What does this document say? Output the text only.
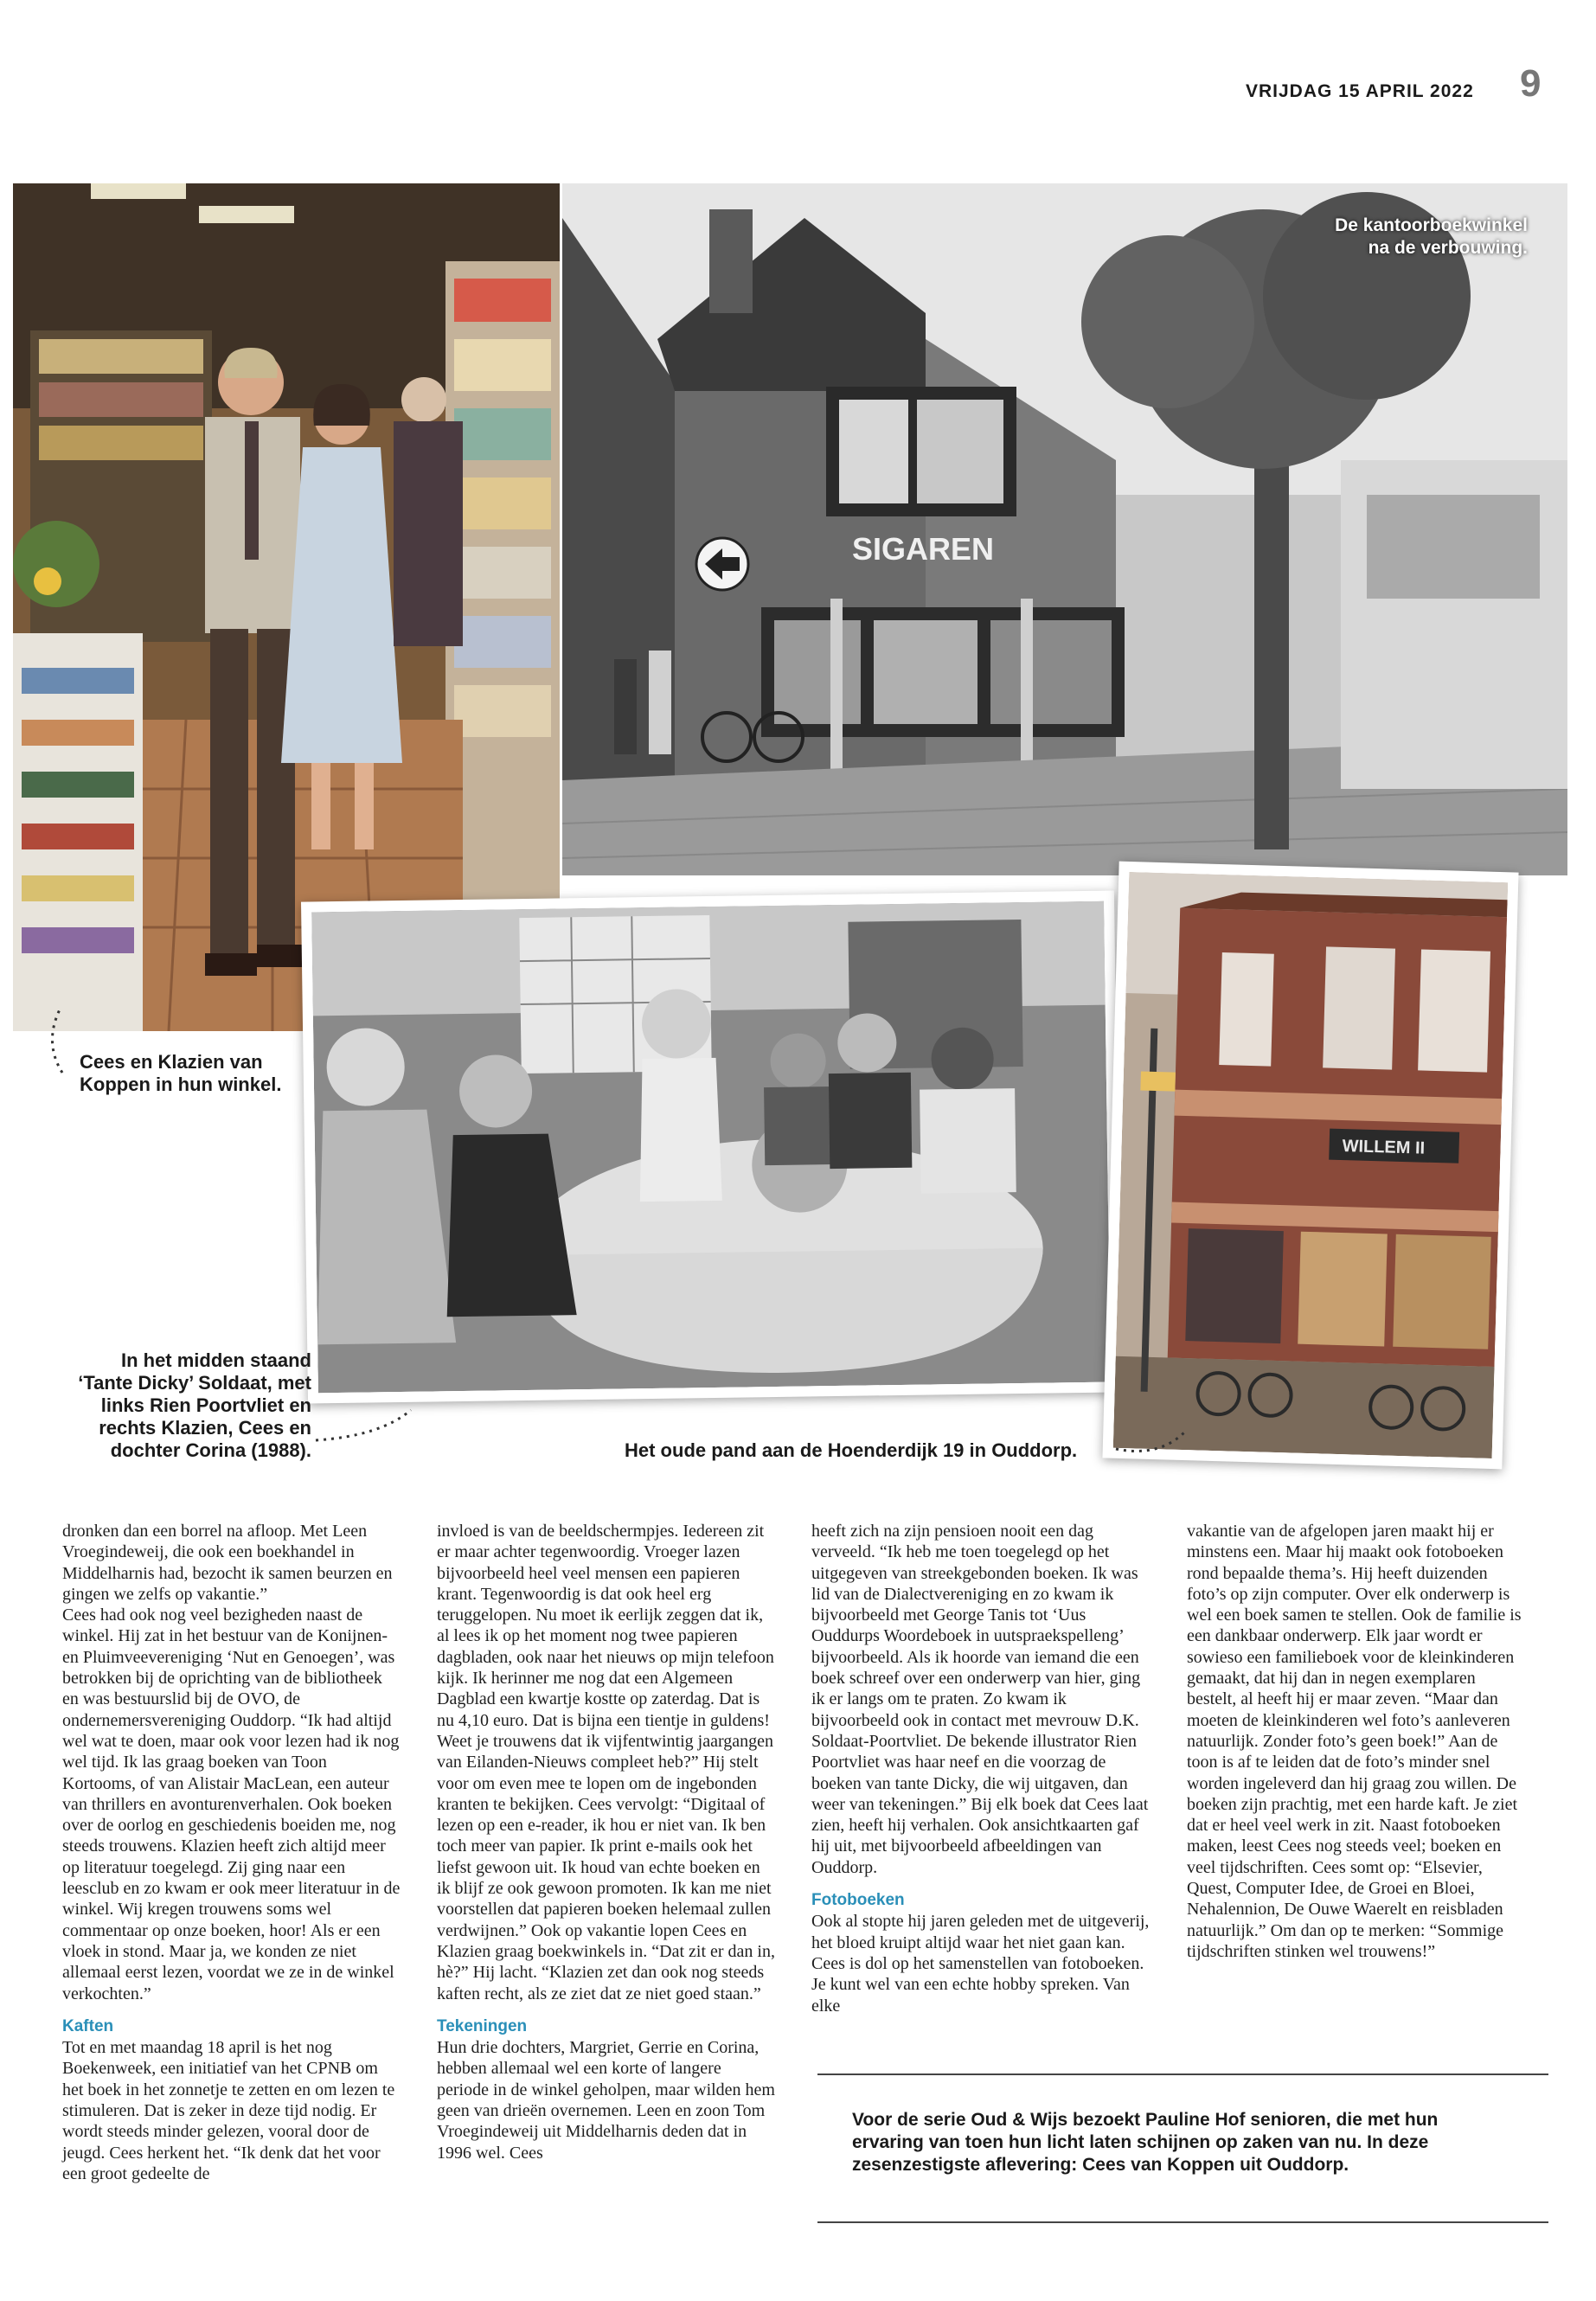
VRIJDAG 15 APRIL 2022 9
SIGAREN
De kantoorboekwinkel
na de verbouwing.
WILLEM II
Cees en Klazien van
Koppen in hun winkel.
In het midden staand
‘Tante Dicky’ Soldaat, met
links Rien Poortvliet en
rechts Klazien, Cees en
dochter Corina (1988).	Het oude pand aan de Hoenderdijk 19 in Ouddorp.

dronken dan een borrel na afloop. Met Leen Vroegindeweij, die ook een boekhandel in Middelharnis had, bezocht ik samen beurzen en gingen we zelfs op vakantie.”

Cees had ook nog veel bezigheden naast de winkel. Hij zat in het bestuur van de Konijnen- en Pluimveevereniging ‘Nut en Genoegen’, was betrokken bij de oprichting van de bibliotheek en was bestuurslid bij de OVO, de ondernemersvereniging Ouddorp. “Ik had altijd wel wat te doen, maar ook voor lezen had ik nog wel tijd. Ik las graag boeken van Toon Kortooms, of van Alistair MacLean, een auteur van thrillers en avonturenverhalen. Ook boeken over de oorlog en geschiedenis boeiden me, nog steeds trouwens. Klazien heeft zich altijd meer op literatuur toegelegd. Zij ging naar een leesclub en zo kwam er ook meer literatuur in de winkel. Wij kregen trouwens soms wel commentaar op onze boeken, hoor! Als er een vloek in stond. Maar ja, we konden ze niet allemaal eerst lezen, voordat we ze in de winkel verkochten.”

Kaften

Tot en met maandag 18 april is het nog Boekenweek, een initiatief van het CPNB om het boek in het zonnetje te zetten en om lezen te stimuleren. Dat is zeker in deze tijd nodig. Er wordt steeds minder gelezen, vooral door de jeugd. Cees herkent het. “Ik denk dat het voor een groot gedeelte de

invloed is van de beeldschermpjes. Iedereen zit er maar achter tegenwoordig. Vroeger lazen bijvoorbeeld heel veel mensen een papieren krant. Tegenwoordig is dat ook heel erg teruggelopen. Nu moet ik eerlijk zeggen dat ik, al lees ik op het moment nog twee papieren dagbladen, ook naar het nieuws op mijn telefoon kijk. Ik herinner me nog dat een Algemeen Dagblad een kwartje kostte op zaterdag. Dat is nu 4,10 euro. Dat is bijna een tientje in guldens! Weet je trouwens dat ik vijfentwintig jaargangen van Eilanden-Nieuws compleet heb?” Hij stelt voor om even mee te lopen om de ingebonden kranten te bekijken. Cees vervolgt: “Digitaal of lezen op een e-reader, ik hou er niet van. Ik ben toch meer van papier. Ik print e-mails ook het liefst gewoon uit. Ik houd van echte boeken en ik blijf ze ook gewoon promoten. Ik kan me niet voorstellen dat papieren boeken helemaal zullen verdwijnen.” Ook op vakantie lopen Cees en Klazien graag boekwinkels in. “Dat zit er dan in, hè?” Hij lacht. “Klazien zet dan ook nog steeds kaften recht, als ze ziet dat ze niet goed staan.”

Tekeningen

Hun drie dochters, Margriet, Gerrie en Corina, hebben allemaal wel een korte of langere periode in de winkel geholpen, maar wilden hem geen van drieën overnemen. Leen en zoon Tom Vroegindeweij uit Middelharnis deden dat in 1996 wel. Cees

heeft zich na zijn pensioen nooit een dag verveeld. “Ik heb me toen toegelegd op het uitgegeven van streekgebonden boeken. Ik was lid van de Dialectvereniging en zo kwam ik bijvoorbeeld met George Tanis tot ‘Uus Ouddurps Woordeboek in uutspraekspelleng’ bijvoorbeeld. Als ik hoorde van iemand die een boek schreef over een onderwerp van hier, ging ik er langs om te praten. Zo kwam ik bijvoorbeeld ook in contact met mevrouw D.K. Soldaat-Poortvliet. De bekende illustrator Rien Poortvliet was haar neef en die voorzag de boeken van tante Dicky, die wij uitgaven, dan weer van tekeningen.” Bij elk boek dat Cees laat zien, heeft hij verhalen. Ook ansichtkaarten gaf hij uit, met bijvoorbeeld afbeeldingen van Ouddorp.

Fotoboeken

Ook al stopte hij jaren geleden met de uitgeverij, het bloed kruipt altijd waar het niet gaan kan. Cees is dol op het samenstellen van fotoboeken. Je kunt wel van een echte hobby spreken. Van elke

vakantie van de afgelopen jaren maakt hij er minstens een. Maar hij maakt ook fotoboeken rond bepaalde thema’s. Hij heeft duizenden foto’s op zijn computer. Over elk onderwerp is wel een boek samen te stellen. Ook de familie is een dankbaar onderwerp. Elk jaar wordt er sowieso een familieboek voor de kleinkinderen gemaakt, dat hij dan in negen exemplaren bestelt, al heeft hij er maar zeven. “Maar dan moeten de kleinkinderen wel foto’s aanleveren natuurlijk. Zonder foto’s geen boek!” Aan de toon is af te leiden dat de foto’s minder snel worden ingeleverd dan hij graag zou willen. De boeken zijn prachtig, met een harde kaft. Je ziet dat er heel veel werk in zit. Naast fotoboeken maken, leest Cees nog steeds veel; boeken en veel tijdschriften. Cees somt op: “Elsevier, Quest, Computer Idee, de Groei en Bloei, Nehalennion, De Ouwe Waerelt en reisbladen natuurlijk.” Om dan op te merken: “Sommige tijdschriften stinken wel trouwens!”

Voor de serie Oud & Wijs bezoekt Pauline Hof senioren, die met hun ervaring van toen hun licht laten schijnen op zaken van nu. In deze zesenzestigste aflevering: Cees van Koppen uit Ouddorp.
